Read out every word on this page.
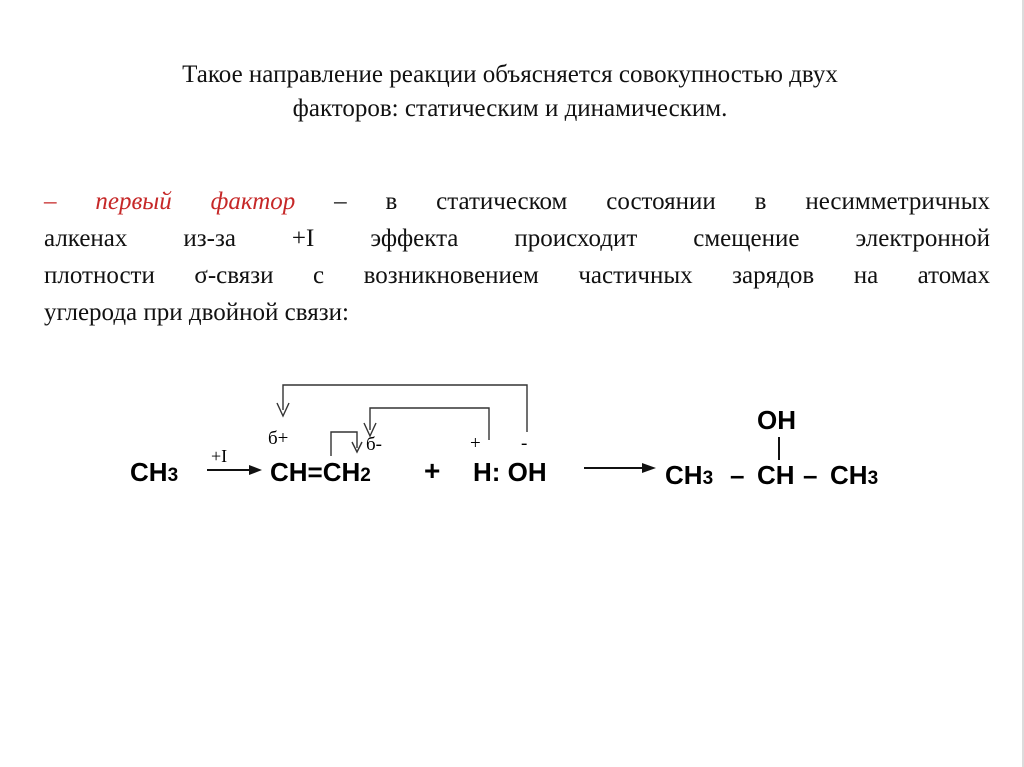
Такое направление реакции объясняется совокупностью двух
факторов: статическим и динамическим.
– первый фактор – в статическом состоянии в несимметричных
алкенах из-за +I эффекта происходит смещение электронной
плотности σ-связи с возникновением частичных зарядов на атомах
углерода при двойной связи:
CH3
+I
б+	б-
CH=CH2 +
+ -
H: OH
OH
CH3 – CH – CH3
